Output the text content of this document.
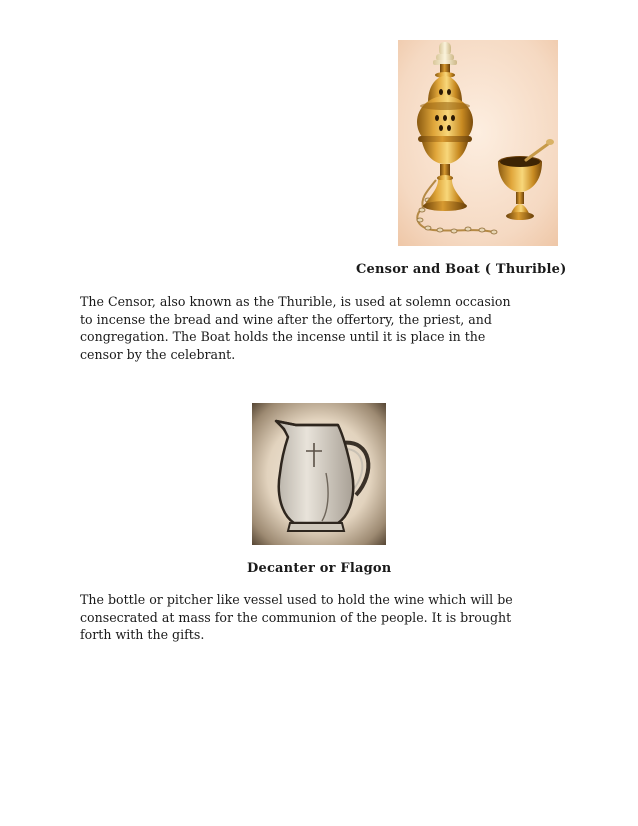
Censor and Boat ( Thurible)

The Censor, also known as the Thurible, is used at solemn occasion
to incense the bread and wine after the offertory, the priest, and
congregation. The Boat holds the incense until it is place in the
censor by the celebrant.

Decanter or Flagon

The bottle or pitcher like vessel used to hold the wine which will be
consecrated at mass for the communion of the people. It is brought
forth with the gifts.
